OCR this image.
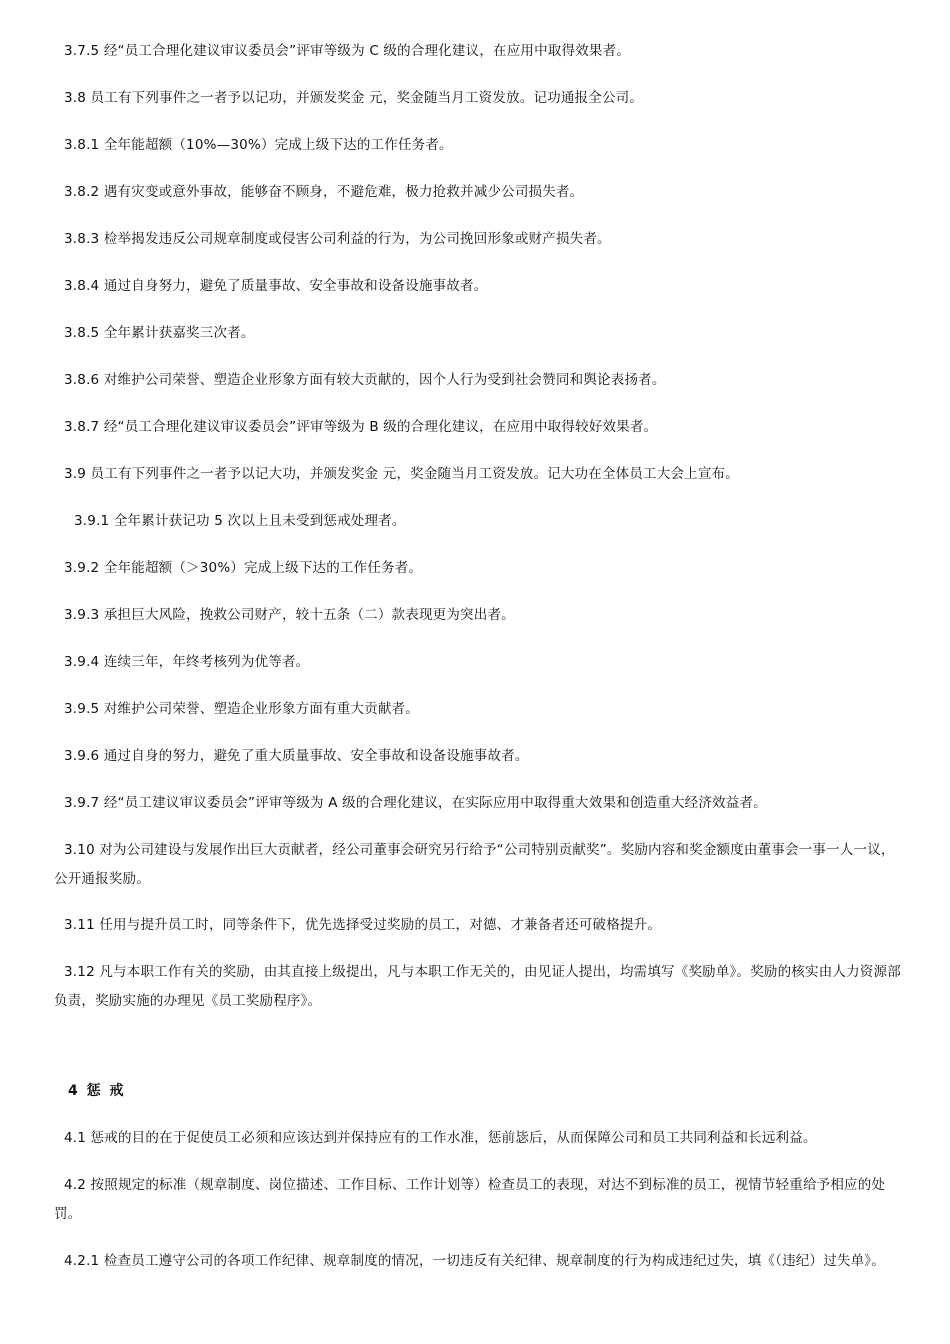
3.7.5 经“员工合理化建议审议委员会”评审等级为 C 级的合理化建议，在应用中取得效果者。
3.8 员工有下列事件之一者予以记功，并颁发奖金 元，奖金随当月工资发放。记功通报全公司。
3.8.1 全年能超额（10%—30%）完成上级下达的工作任务者。
3.8.2 遇有灾变或意外事故，能够奋不顾身，不避危难，极力抢救并减少公司损失者。
3.8.3 检举揭发违反公司规章制度或侵害公司利益的行为，为公司挽回形象或财产损失者。
3.8.4 通过自身努力，避免了质量事故、安全事故和设备设施事故者。
3.8.5 全年累计获嘉奖三次者。
3.8.6 对维护公司荣誉、塑造企业形象方面有较大贡献的，因个人行为受到社会赞同和舆论表扬者。
3.8.7 经“员工合理化建议审议委员会”评审等级为 B 级的合理化建议，在应用中取得较好效果者。
3.9 员工有下列事件之一者予以记大功，并颁发奖金 元，奖金随当月工资发放。记大功在全体员工大会上宣布。
3.9.1 全年累计获记功 5 次以上且未受到惩戒处理者。
3.9.2 全年能超额（＞30%）完成上级下达的工作任务者。
3.9.3 承担巨大风险，挽救公司财产，较十五条（二）款表现更为突出者。
3.9.4 连续三年，年终考核列为优等者。
3.9.5 对维护公司荣誉、塑造企业形象方面有重大贡献者。
3.9.6 通过自身的努力，避免了重大质量事故、安全事故和设备设施事故者。
3.9.7 经“员工建议审议委员会”评审等级为 A 级的合理化建议，在实际应用中取得重大效果和创造重大经济效益者。
3.10 对为公司建设与发展作出巨大贡献者，经公司董事会研究另行给予“公司特别贡献奖”。奖励内容和奖金额度由董事会一事一人一议，公开通报奖励。
3.11 任用与提升员工时，同等条件下，优先选择受过奖励的员工，对德、才兼备者还可破格提升。
3.12 凡与本职工作有关的奖励，由其直接上级提出，凡与本职工作无关的，由见证人提出，均需填写《奖励单》。奖励的核实由人力资源部负责，奖励实施的办理见《员工奖励程序》。
4 惩 戒
4.1 惩戒的目的在于促使员工必须和应该达到并保持应有的工作水准，惩前毖后，从而保障公司和员工共同利益和长远利益。
4.2 按照规定的标准（规章制度、岗位描述、工作目标、工作计划等）检查员工的表现，对达不到标准的员工，视情节轻重给予相应的处罚。
4.2.1 检查员工遵守公司的各项工作纪律、规章制度的情况，一切违反有关纪律、规章制度的行为构成违纪过失，填《（违纪）过失单》。
